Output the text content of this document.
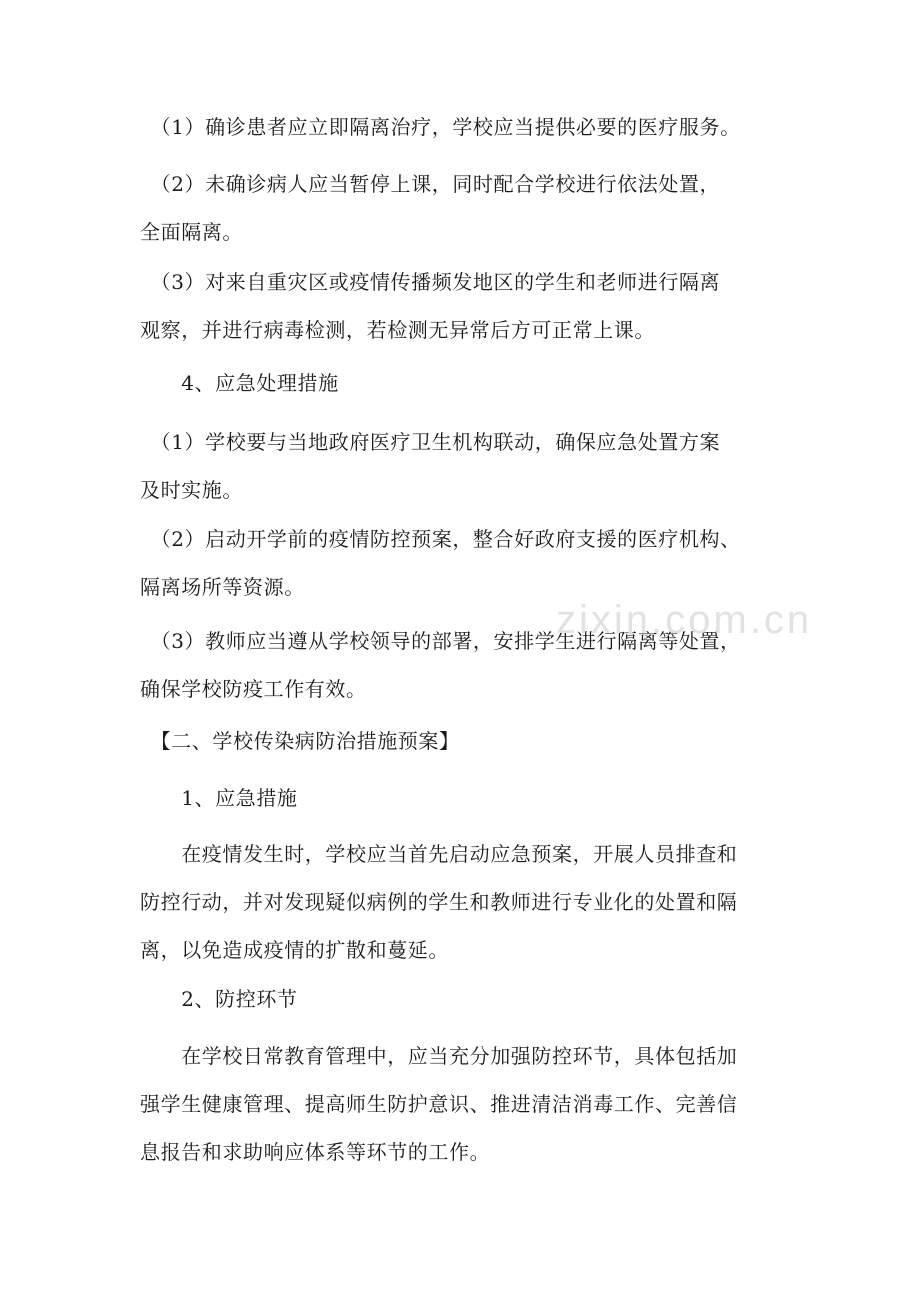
　（1）确诊患者应立即隔离治疗，学校应当提供必要的医疗服务。

　（2）未确诊病人应当暂停上课，同时配合学校进行依法处置，
全面隔离。

　（3）对来自重灾区或疫情传播频发地区的学生和老师进行隔离
观察，并进行病毒检测，若检测无异常后方可正常上课。

　　4、应急处理措施

　（1）学校要与当地政府医疗卫生机构联动，确保应急处置方案
及时实施。

　（2）启动开学前的疫情防控预案，整合好政府支援的医疗机构、
隔离场所等资源。

　（3）教师应当遵从学校领导的部署，安排学生进行隔离等处置，
确保学校防疫工作有效。

　【二、学校传染病防治措施预案】

　　1、应急措施

　　在疫情发生时，学校应当首先启动应急预案，开展人员排查和
防控行动，并对发现疑似病例的学生和教师进行专业化的处置和隔
离，以免造成疫情的扩散和蔓延。

　　2、防控环节

　　在学校日常教育管理中，应当充分加强防控环节，具体包括加
强学生健康管理、提高师生防护意识、推进清洁消毒工作、完善信
息报告和求助响应体系等环节的工作。

zixin.com.cn
